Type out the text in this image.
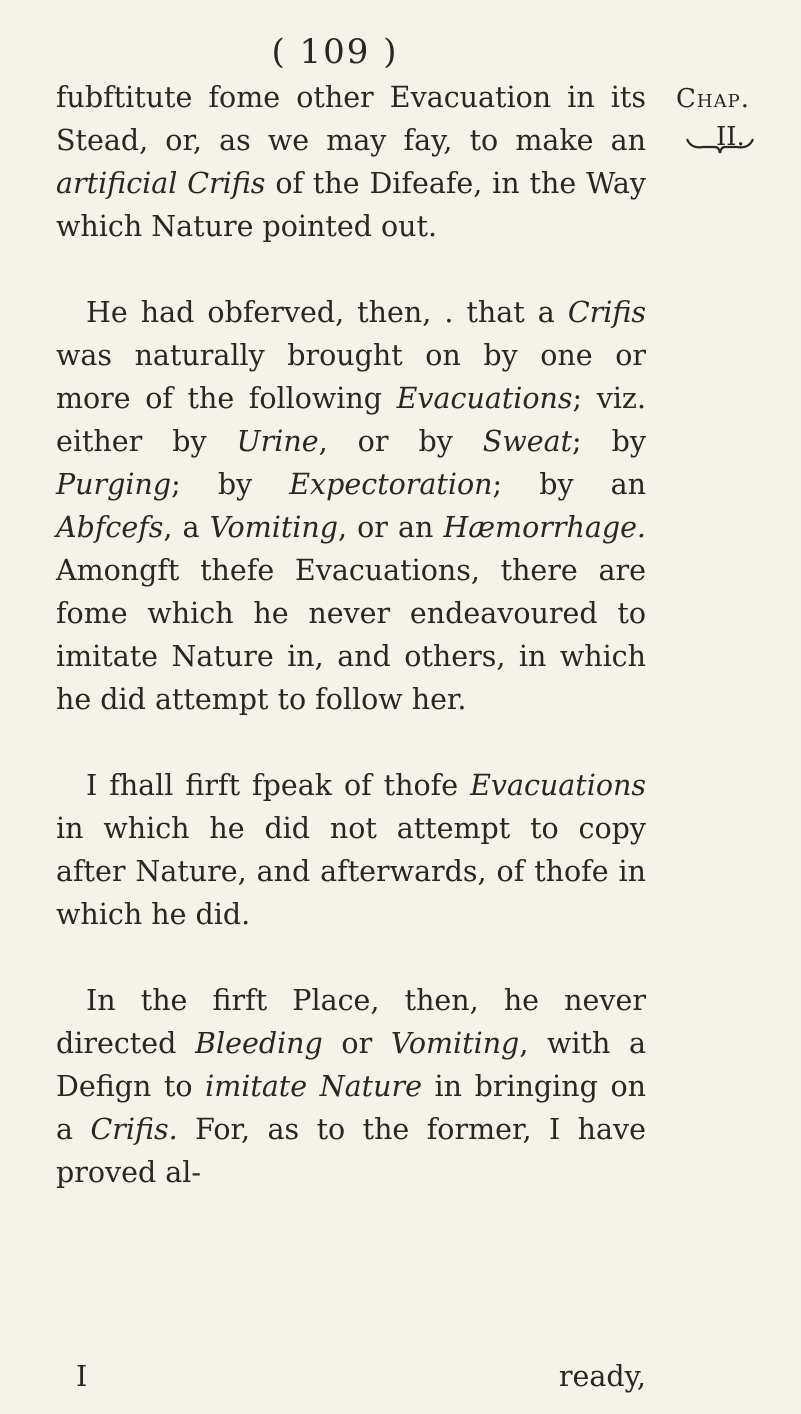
( 109 )
Chap.
II.

fubftitute fome other Evacuation in its Stead, or, as we may fay, to make an artificial Crifis of the Difeafe, in the Way which Nature pointed out.

He had obferved, then, . that a Crifis was naturally brought on by one or more of the following Evacuations; viz. either by Urine, or by Sweat; by Purging; by Expectoration; by an Abfcefs, a Vomiting, or an Hæmorrhage. Amongft thefe Evacuations, there are fome which he never endeavoured to imitate Nature in, and others, in which he did attempt to follow her.

I fhall firft fpeak of thofe Evacuations in which he did not attempt to copy after Nature, and afterwards, of thofe in which he did.

In the firft Place, then, he never directed Bleeding or Vomiting, with a Defign to imitate Nature in bringing on a Crifis. For, as to the former, I have proved al-

I	ready,
